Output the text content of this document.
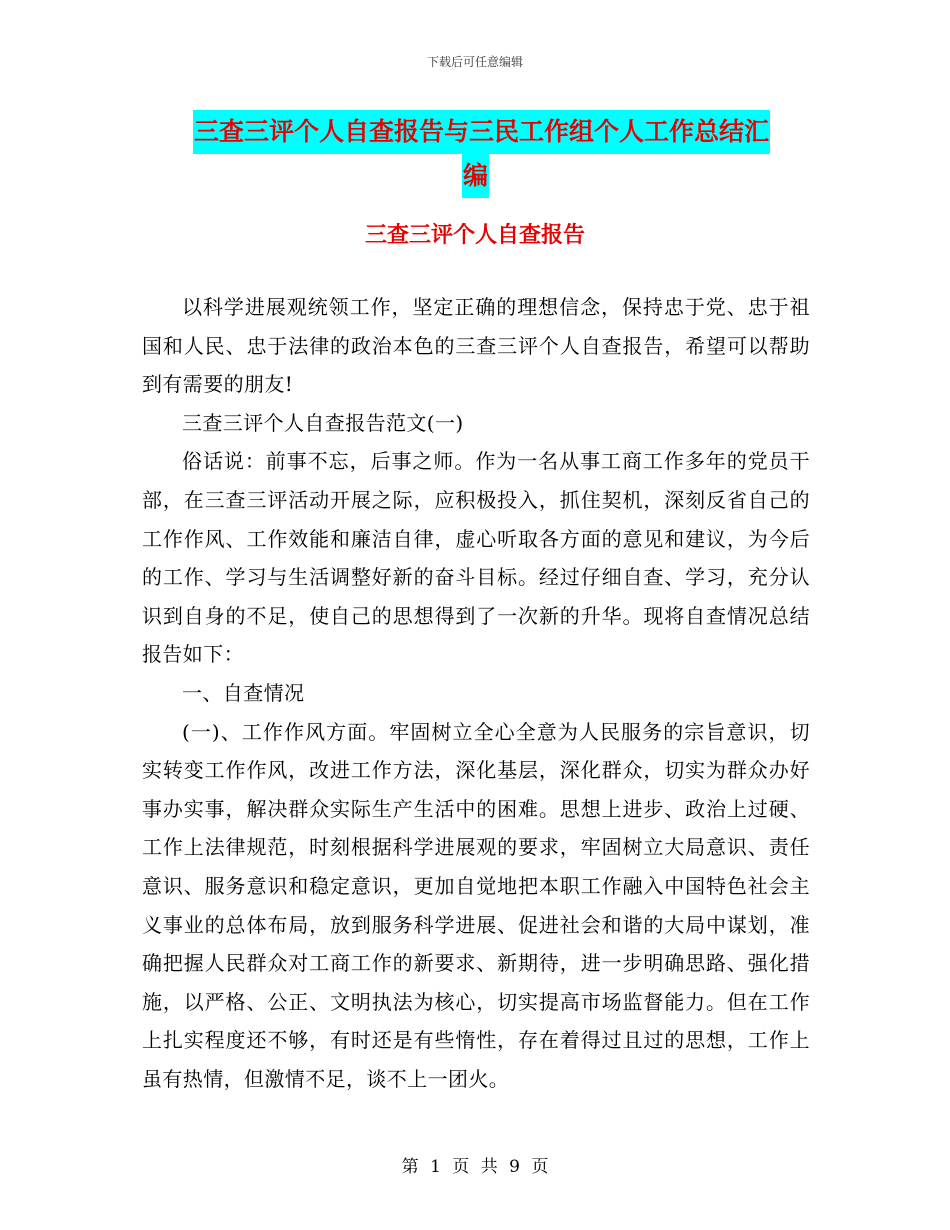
下载后可任意编辑
三查三评个人自查报告与三民工作组个人工作总结汇
编
三查三评个人自查报告

以科学进展观统领工作，坚定正确的理想信念，保持忠于党、忠于祖国和人民、忠于法律的政治本色的三查三评个人自查报告，希望可以帮助到有需要的朋友!

三查三评个人自查报告范文(一)

俗话说：前事不忘，后事之师。作为一名从事工商工作多年的党员干部，在三查三评活动开展之际，应积极投入，抓住契机，深刻反省自己的工作作风、工作效能和廉洁自律，虚心听取各方面的意见和建议，为今后的工作、学习与生活调整好新的奋斗目标。经过仔细自查、学习，充分认识到自身的不足，使自己的思想得到了一次新的升华。现将自查情况总结报告如下：

一、自查情况

(一)、工作作风方面。牢固树立全心全意为人民服务的宗旨意识，切实转变工作作风，改进工作方法，深化基层，深化群众，切实为群众办好事办实事，解决群众实际生产生活中的困难。思想上进步、政治上过硬、工作上法律规范，时刻根据科学进展观的要求，牢固树立大局意识、责任意识、服务意识和稳定意识，更加自觉地把本职工作融入中国特色社会主义事业的总体布局，放到服务科学进展、促进社会和谐的大局中谋划，准确把握人民群众对工商工作的新要求、新期待，进一步明确思路、强化措施，以严格、公正、文明执法为核心，切实提高市场监督能力。但在工作上扎实程度还不够，有时还是有些惰性，存在着得过且过的思想，工作上虽有热情，但激情不足，谈不上一团火。

第 1 页 共 9 页
